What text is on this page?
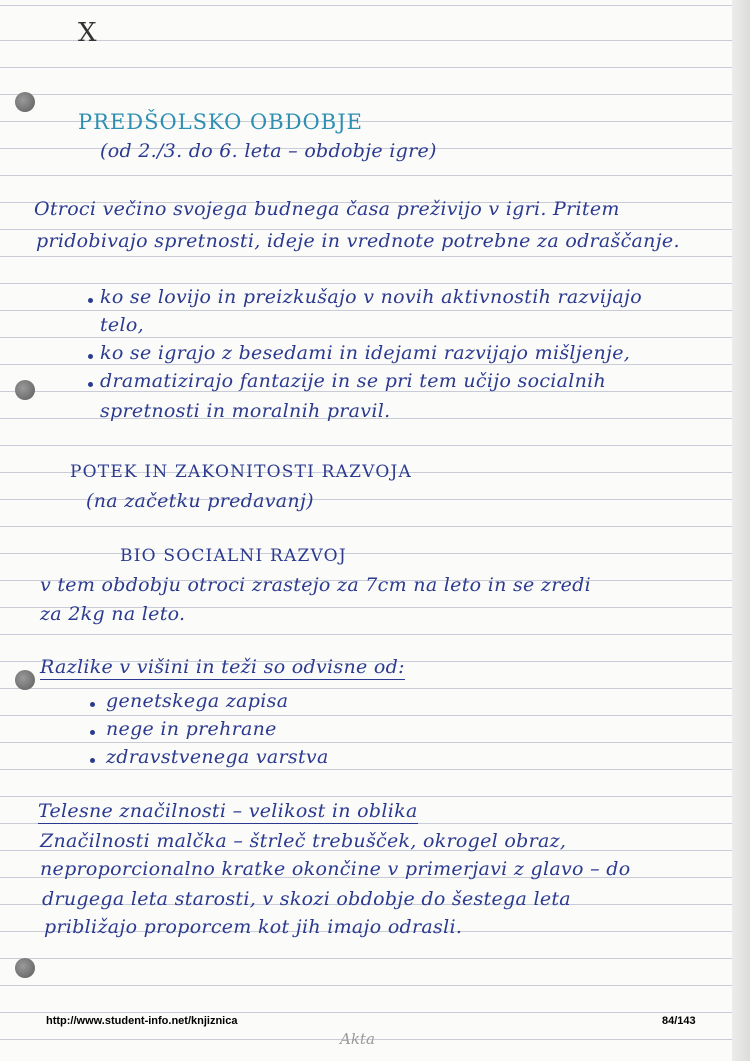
X
PREDŠOLSKO OBDOBJE
(od 2./3. do 6. leta – obdobje igre)
Otroci večino svojega budnega časa preživijo v igri. Pritem
pridobivajo spretnosti, ideje in vrednote potrebne za odraščanje.
ko se lovijo in preizkušajo v novih aktivnostih razvijajo
telo,
ko se igrajo z besedami in idejami razvijajo mišljenje,
dramatizirajo fantazije in se pri tem učijo socialnih
spretnosti in moralnih pravil.
POTEK IN ZAKONITOSTI RAZVOJA
(na začetku predavanj)
BIO SOCIALNI RAZVOJ
v tem obdobju otroci zrastejo za 7cm na leto in se zredi
za 2kg na leto.
Razlike v višini in teži so odvisne od:
genetskega zapisa
nege in prehrane
zdravstvenega varstva
Telesne značilnosti – velikost in oblika
Značilnosti malčka – štrleč trebušček, okrogel obraz,
neproporcionalno kratke okončine v primerjavi z glavo – do
drugega leta starosti, v skozi obdobje do šestega leta
približajo proporcem kot jih imajo odrasli.
http://www.student-info.net/knjiznica	84/143
Akta
